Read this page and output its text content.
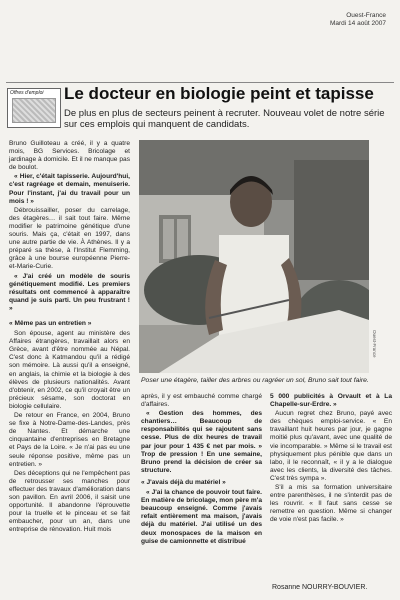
Ouest-France
Mardi 14 août 2007
Offres d'emploi	Le docteur en biologie peint et tapisse

De plus en plus de secteurs peinent à recruter. Nouveau volet de notre série sur ces emplois qui manquent de candidats.

Bruno Guilloteau a créé, il y a quatre mois, BG Services. Bricolage et jardinage à domicile. Et il ne manque pas de boulot.

« Hier, c'était tapisserie. Aujourd'hui, c'est ragréage et demain, menuiserie. Pour l'instant, j'ai du travail pour un mois ! »

Débrouissailler, poser du carrelage, des étagères… il sait tout faire. Même modifier le patrimoine génétique d'une souris. Mais ça, c'était en 1997, dans une autre partie de vie. À Athènes. Il y a préparé sa thèse, à l'Institut Flemming, grâce à une bourse européenne Pierre-et-Marie-Curie.

« J'ai créé un modèle de souris génétiquement modifié. Les premiers résultats ont commencé à apparaître quand je suis parti. Un peu frustrant ! »

« Même pas un entretien »

Son épouse, agent au ministère des Affaires étrangères, travaillait alors en Grèce, avant d'être nommée au Népal. C'est donc à Katmandou qu'il a rédigé son mémoire. Là aussi qu'il a enseigné, en anglais, la chimie et la biologie à des élèves de plusieurs nationalités. Avant d'obtenir, en 2002, ce qu'il croyait être un précieux sésame, son doctorat en biologie cellulaire.

De retour en France, en 2004, Bruno se fixe à Notre-Dame-des-Landes, près de Nantes. Et démarche une cinquantaine d'entreprises en Bretagne et Pays de la Loire. « Je n'ai pas eu une seule réponse positive, même pas un entretien. »

Des déceptions qui ne l'empêchent pas de retrousser ses manches pour effectuer des travaux d'amélioration dans son pavillon. En avril 2006, il saisit une opportunité. Il abandonne l'éprouvette pour la truelle et le pinceau et se fait embaucher, pour un an, dans une entreprise de rénovation. Huit mois

Ouest-France
Poser une étagère, tailler des arbres ou ragréer un sol, Bruno sait tout faire.

après, il y est embauché comme chargé d'affaires.

« Gestion des hommes, des chantiers… Beaucoup de responsabilités qui se rajoutent sans cesse. Plus de dix heures de travail par jour pour 1 435 € net par mois. » Trop de pression ! En une semaine, Bruno prend la décision de créer sa structure.

« J'avais déjà du matériel »

« J'ai la chance de pouvoir tout faire. En matière de bricolage, mon père m'a beaucoup enseigné. Comme j'avais refait entièrement ma maison, j'avais déjà du matériel. J'ai utilisé un des deux monospaces de la maison en guise de camionnette et distribué

5 000 publicités à Orvault et à La Chapelle-sur-Erdre. »

Aucun regret chez Bruno, payé avec des chèques emploi-service. « En travaillant huit heures par jour, je gagne moitié plus qu'avant, avec une qualité de vie incomparable. » Même si le travail est physiquement plus pénible que dans un labo, il le reconnaît, « il y a le dialogue avec les clients, la diversité des tâches. C'est très sympa ».

S'il a mis sa formation universitaire entre parenthèses, il ne s'interdit pas de les rouvrir. « Il faut sans cesse se remettre en question. Même si changer de voie n'est pas facile. »

Rosanne NOURRY-BOUVIER.
